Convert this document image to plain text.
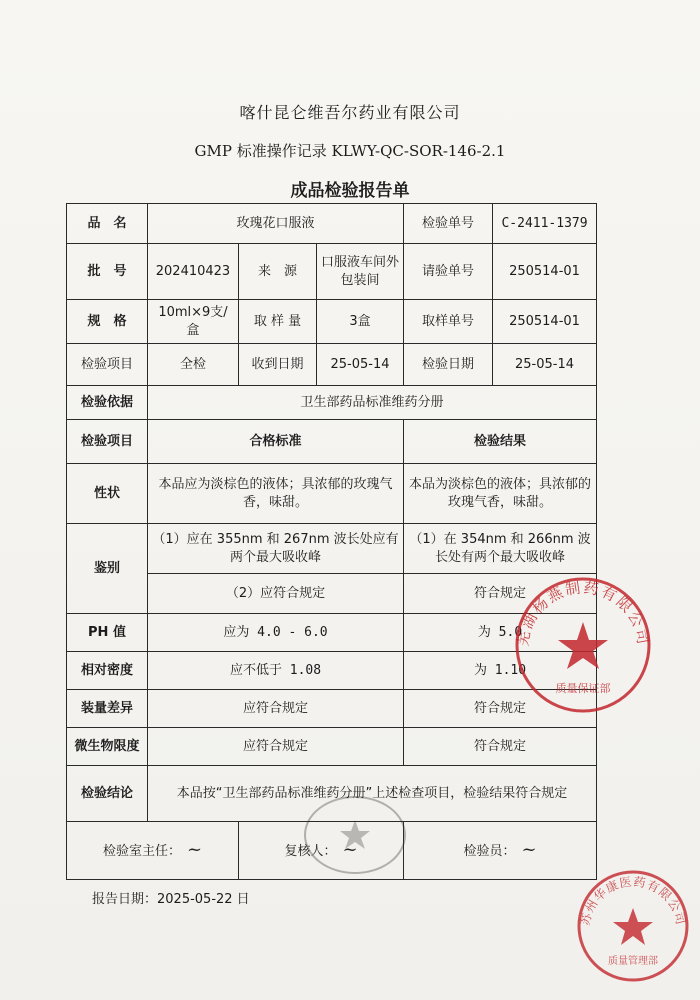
喀什昆仑维吾尔药业有限公司
GMP 标准操作记录 KLWY-QC-SOR-146-2.1
成品检验报告单
品　名	玫瑰花口服液			检验单号	C-2411-1379
批　号	202410423	来　源	口服液车间外包装间	请验单号	250514-01
规　格	10ml×9支/盒	取 样 量	3盒	取样单号	250514-01
检验项目	全检	收到日期	25-05-14	检验日期	25-05-14
检验依据	卫生部药品标准维药分册				
检验项目	合格标准			检验结果	
性状	本品应为淡棕色的液体；具浓郁的玫瑰气香，味甜。			本品为淡棕色的液体；具浓郁的玫瑰气香，味甜。	
鉴别	（1）应在 355nm 和 267nm 波长处应有两个最大吸收峰			（1）在 354nm 和 266nm 波长处有两个最大吸收峰	
	（2）应符合规定			符合规定	
PH 值	应为 4.0 - 6.0			为 5.0	
相对密度	应不低于 1.08			为 1.10	
装量差异	应符合规定			符合规定	
微生物限度	应符合规定			符合规定	
检验结论	本品按“卫生部药品标准维药分册”上述检查项目，检验结果符合规定				
检验室主任： ~		复核人： ~		检验员： ~	
报告日期：2025-05-22 日
芜湖杨燕制药有限公司
质量保证部
苏州华康医药有限公司
质量管理部
